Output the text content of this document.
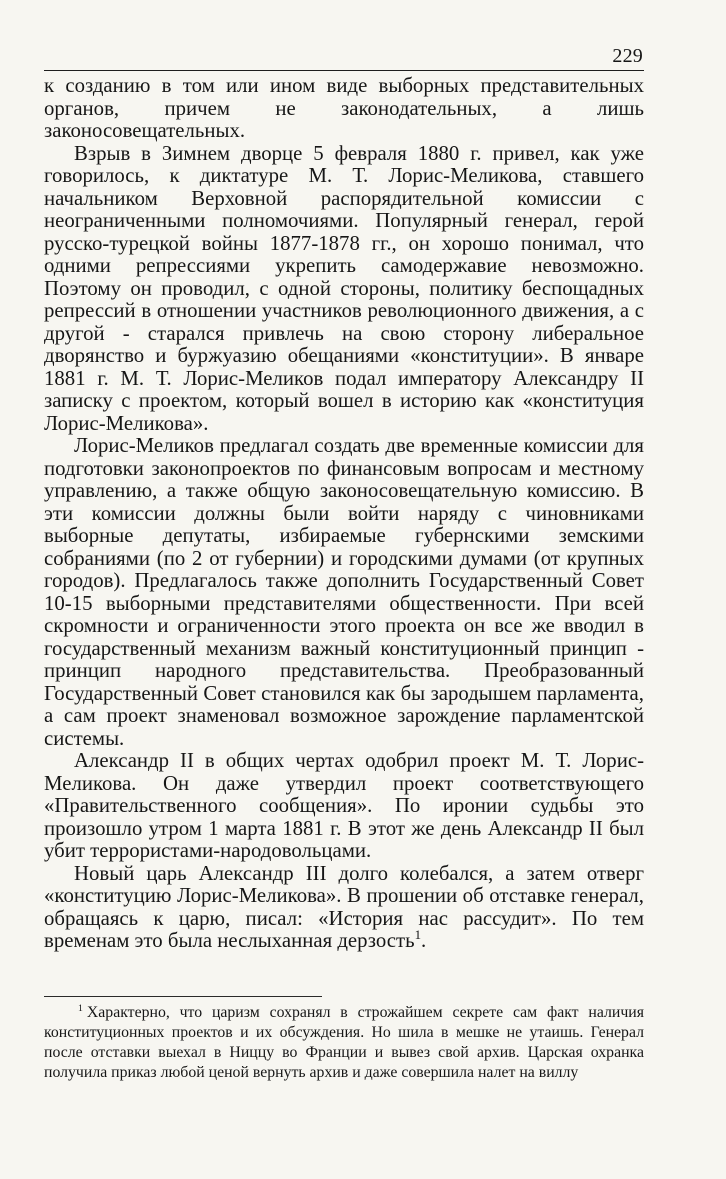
229

к созданию в том или ином виде выборных представительных органов, причем не законодательных, а лишь законосовещательных.

Взрыв в Зимнем дворце 5 февраля 1880 г. привел, как уже говорилось, к диктатуре М. Т. Лорис-Меликова, ставшего начальником Верховной распорядительной комиссии с неограниченными полномочиями. Популярный генерал, герой русско-турецкой войны 1877-1878 гг., он хорошо понимал, что одними репрессиями укрепить самодержавие невозможно. Поэтому он проводил, с одной стороны, политику беспощадных репрессий в отношении участников революционного движения, а с другой - старался привлечь на свою сторону либеральное дворянство и буржуазию обещаниями «конституции». В январе 1881 г. М. Т. Лорис-Меликов подал императору Александру II записку с проектом, который вошел в историю как «конституция Лорис-Меликова».

Лорис-Меликов предлагал создать две временные комиссии для подготовки законопроектов по финансовым вопросам и местному управлению, а также общую законосовещательную комиссию. В эти комиссии должны были войти наряду с чиновниками выборные депутаты, избираемые губернскими земскими собраниями (по 2 от губернии) и городскими думами (от крупных городов). Предлагалось также дополнить Государственный Совет 10-15 выборными представителями общественности. При всей скромности и ограниченности этого проекта он все же вводил в государственный механизм важный конституционный принцип - принцип народного представительства. Преобразованный Государственный Совет становился как бы зародышем парламента, а сам проект знаменовал возможное зарождение парламентской системы.

Александр II в общих чертах одобрил проект М. Т. Лорис-Меликова. Он даже утвердил проект соответствующего «Правительственного сообщения». По иронии судьбы это произошло утром 1 марта 1881 г. В этот же день Александр II был убит террористами-народовольцами.

Новый царь Александр III долго колебался, а затем отверг «конституцию Лорис-Меликова». В прошении об отставке генерал, обращаясь к царю, писал: «История нас рассудит». По тем временам это была неслыханная дерзость$^1$.

$^1$ Характерно, что царизм сохранял в строжайшем секрете сам факт наличия конституционных проектов и их обсуждения. Но шила в мешке не утаишь. Генерал после отставки выехал в Ниццу во Франции и вывез свой архив. Царская охранка получила приказ любой ценой вернуть архив и даже совершила налет на виллу
